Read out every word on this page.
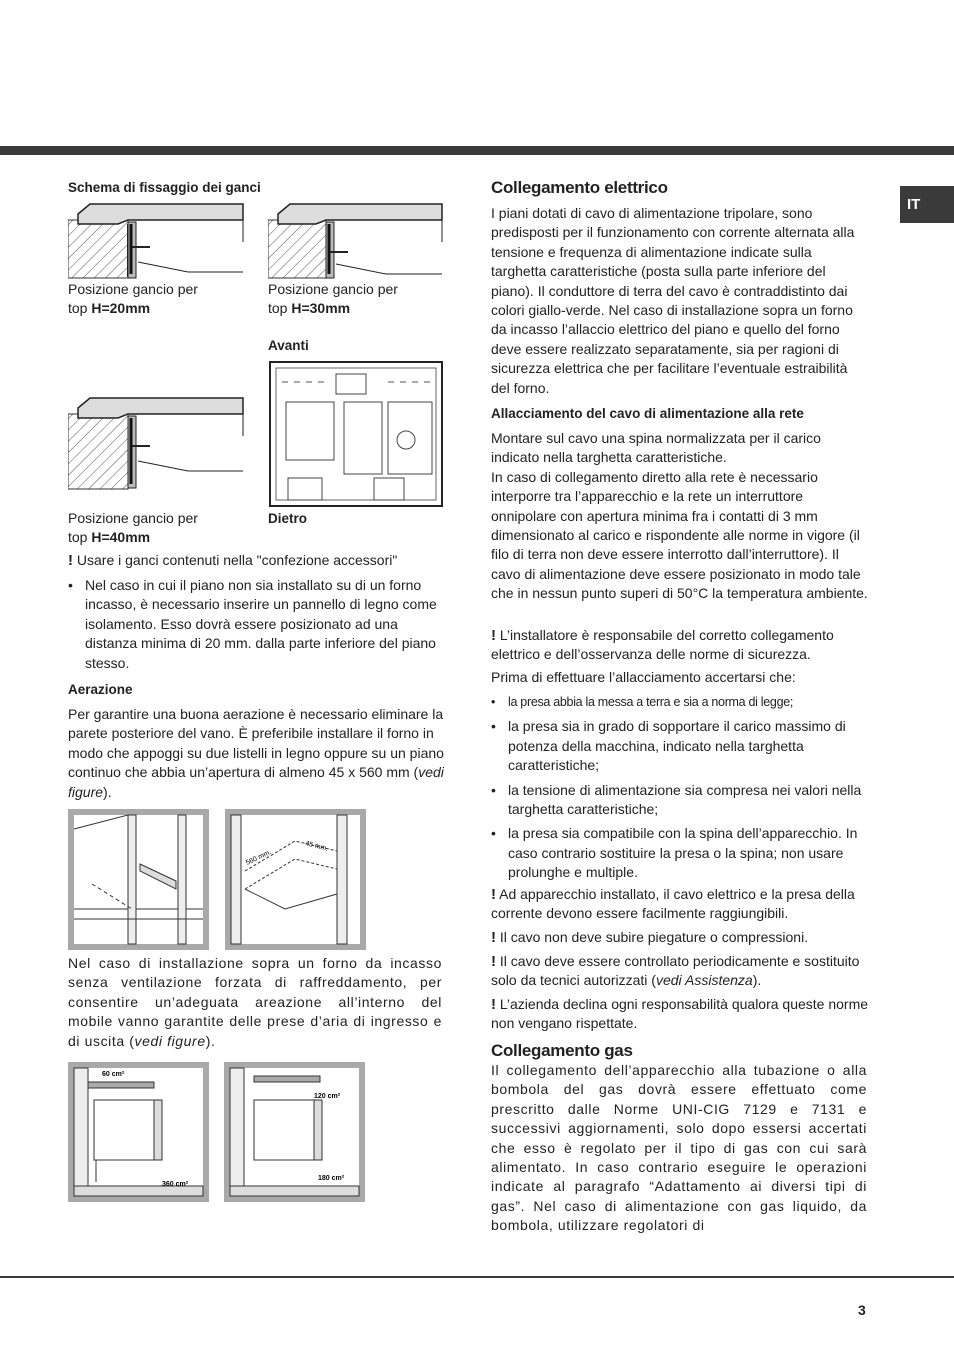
IT
Schema di fissaggio dei ganci
Posizione gancio per
top H=20mm
Posizione gancio per
top H=30mm
Avanti
Posizione gancio per
top H=40mm
Dietro
! Usare i ganci contenuti nella "confezione accessori"
• Nel caso in cui il piano non sia installato su di un forno incasso, è necessario inserire un pannello di legno come isolamento. Esso dovrà essere posizionato ad una distanza minima di 20 mm. dalla parte inferiore del piano stesso.
Aerazione
Per garantire una buona aerazione è necessario eliminare la parete posteriore del vano. È preferibile installare il forno in modo che appoggi su due listelli in legno oppure su un piano continuo che abbia un’apertura di almeno 45 x 560 mm (vedi figure).
560 mm.
45 mm.
Nel caso di installazione sopra un forno da incasso senza ventilazione forzata di raffreddamento, per consentire un’adeguata areazione all’interno del mobile vanno garantite delle prese d’aria di ingresso e di uscita (vedi figure).
60 cm²
360 cm²
120 cm²
180 cm²
Collegamento elettrico
I piani dotati di cavo di alimentazione tripolare, sono predisposti per il funzionamento con corrente alternata alla tensione e frequenza di alimentazione indicate sulla targhetta caratteristiche (posta sulla parte inferiore del piano). Il conduttore di terra del cavo è contraddistinto dai colori giallo-verde. Nel caso di installazione sopra un forno da incasso l’allaccio elettrico del piano e quello del forno deve essere realizzato separatamente, sia per ragioni di sicurezza elettrica che per facilitare l’eventuale estraibilità del forno.
Allacciamento del cavo di alimentazione alla rete
Montare sul cavo una spina normalizzata per il carico indicato nella targhetta caratteristiche.
In caso di collegamento diretto alla rete è necessario interporre tra l’apparecchio e la rete un interruttore onnipolare con apertura minima fra i contatti di 3 mm dimensionato al carico e rispondente alle norme in vigore (il filo di terra non deve essere interrotto dall’interruttore). Il cavo di alimentazione deve essere posizionato in modo tale che in nessun punto superi di 50°C la temperatura ambiente.
! L’installatore è responsabile del corretto collegamento elettrico e dell’osservanza delle norme di sicurezza.
Prima di effettuare l’allacciamento accertarsi che:
• la presa abbia la messa a terra e sia a norma di legge;
• la presa sia in grado di sopportare il carico massimo di potenza della macchina, indicato nella targhetta caratteristiche;
• la tensione di alimentazione sia compresa nei valori nella targhetta caratteristiche;
• la presa sia compatibile con la spina dell’apparecchio. In caso contrario sostituire la presa o la spina; non usare prolunghe e multiple.
! Ad apparecchio installato, il cavo elettrico e la presa della corrente devono essere facilmente raggiungibili.
! Il cavo non deve subire piegature o compressioni.
! Il cavo deve essere controllato periodicamente e sostituito solo da tecnici autorizzati (vedi Assistenza).
! L’azienda declina ogni responsabilità qualora queste norme non vengano rispettate.
Collegamento gas
Il collegamento dell’apparecchio alla tubazione o alla bombola del gas dovrà essere effettuato come prescritto dalle Norme UNI-CIG 7129 e 7131 e successivi aggiornamenti, solo dopo essersi accertati che esso è regolato per il tipo di gas con cui sarà alimentato. In caso contrario eseguire le operazioni indicate al paragrafo “Adattamento ai diversi tipi di gas”. Nel caso di alimentazione con gas liquido, da bombola, utilizzare regolatori di
3
